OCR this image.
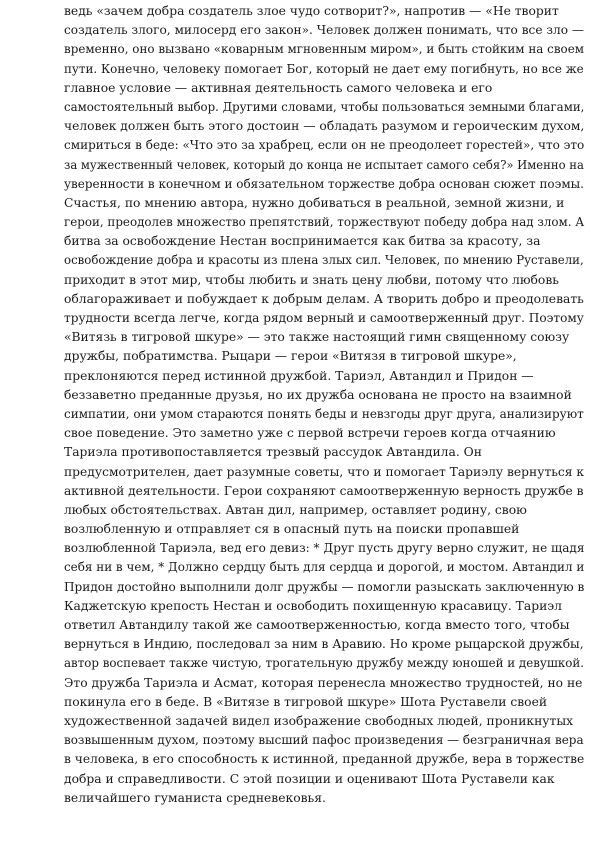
ведь «зачем добра создатель злое чудо сотворит?», напротив — «Не творит
создатель злого, милосерд его закон». Человек должен понимать, что все зло —
временно, оно вызвано «коварным мгновенным миром», и быть стойким на своем
пути. Конечно, человеку помогает Бог, который не дает ему погибнуть, но все же
главное условие — активная деятельность самого человека и его
самостоятельный выбор. Другими словами, чтобы пользоваться земными благами,
человек должен быть этого достоин — обладать разумом и героическим духом,
смириться в беде: «Что это за храбрец, если он не преодолеет горестей», что это
за мужественный человек, который до конца не испытает самого себя?» Именно на
уверенности в конечном и обязательном торжестве добра основан сюжет поэмы.
Счастья, по мнению автора, нужно добиваться в реальной, земной жизни, и
герои, преодолев множество препятствий, торжествуют победу добра над злом. А
битва за освобождение Нестан воспринимается как битва за красоту, за
освобождение добра и красоты из плена злых сил. Человек, по мнению Руставели,
приходит в этот мир, чтобы любить и знать цену любви, потому что любовь
облагораживает и побуждает к добрым делам. А творить добро и преодолевать
трудности всегда легче, когда рядом верный и самоотверженный друг. Поэтому
«Витязь в тигровой шкуре» — это также настоящий гимн священному союзу
дружбы, побратимства. Рыцари — герои «Витязя в тигровой шкуре»,
преклоняются перед истинной дружбой. Тариэл, Автандил и Придон —
беззаветно преданные друзья, но их дружба основана не просто на взаимной
симпатии, они умом стараются понять беды и невзгоды друг друга, анализируют
свое поведение. Это заметно уже с первой встречи героев когда отчаянию
Тариэла противопоставляется трезвый рассудок Автандила. Он
предусмотрителен, дает разумные советы, что и помогает Тариэлу вернуться к
активной деятельности. Герои сохраняют самоотверженную верность дружбе в
любых обстоятельствах. Автан дил, например, оставляет родину, свою
возлюбленную и отправляет ся в опасный путь на поиски пропавшей
возлюбленной Тариэла, вед его девиз: * Друг пусть другу верно служит, не щадя
себя ни в чем, * Должно сердцу быть для сердца и дорогой, и мостом. Автандил и
Придон достойно выполнили долг дружбы — помогли разыскать заключенную в
Каджетскую крепость Нестан и освободить похищенную красавицу. Тариэл
ответил Автандилу такой же самоотверженностью, когда вместо того, чтобы
вернуться в Индию, последовал за ним в Аравию. Но кроме рыцарской дружбы,
автор воспевает также чистую, трогательную дружбу между юношей и девушкой.
Это дружба Тариэла и Асмат, которая перенесла множество трудностей, но не
покинула его в беде. В «Витязе в тигровой шкуре» Шота Руставели своей
художественной задачей видел изображение свободных людей, проникнутых
возвышенным духом, поэтому высший пафос произведения — безграничная вера
в человека, в его способность к истинной, преданной дружбе, вера в торжестве
добра и справедливости. С этой позиции и оценивают Шота Руставели как
величайшего гуманиста средневековья.
